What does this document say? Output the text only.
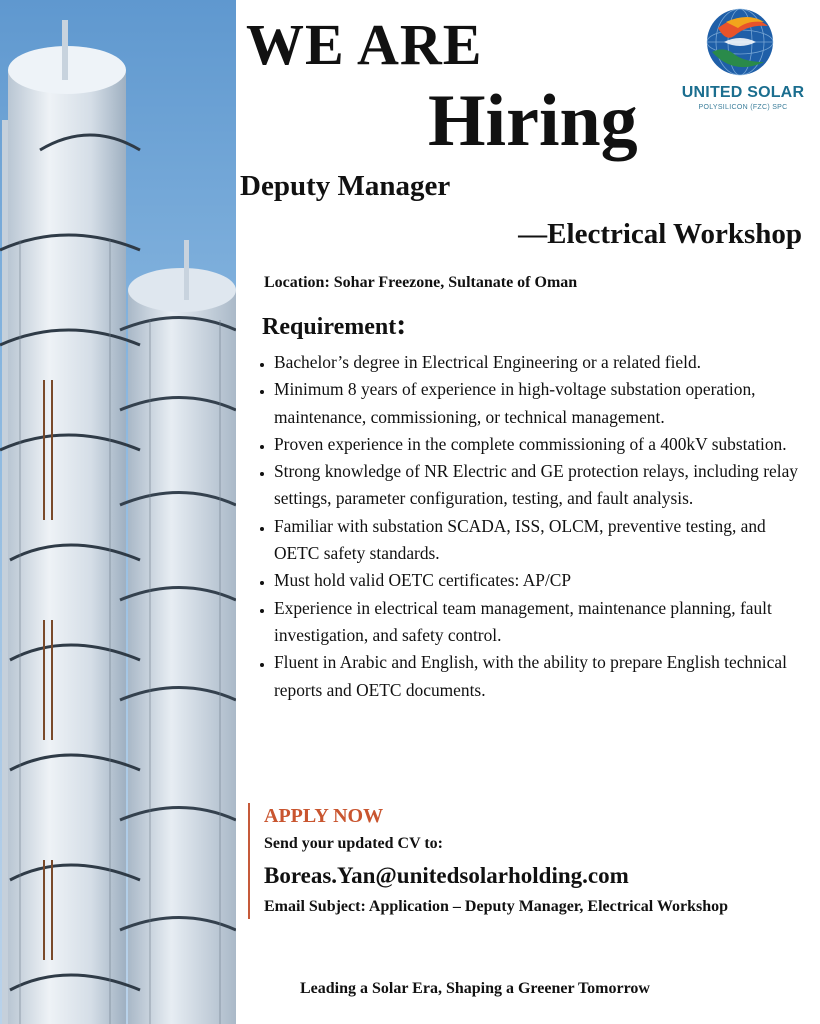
WE ARE
Hiring	UNITED SOLAR
POLYSILICON (FZC) SPC
Deputy Manager
—Electrical Workshop
Location: Sohar Freezone, Sultanate of Oman
Requirement:
• Bachelor’s degree in Electrical Engineering or a related field.
• Minimum 8 years of experience in high-voltage substation operation, maintenance, commissioning, or technical management.
• Proven experience in the complete commissioning of a 400kV substation.
• Strong knowledge of NR Electric and GE protection relays, including relay settings, parameter configuration, testing, and fault analysis.
• Familiar with substation SCADA, ISS, OLCM, preventive testing, and OETC safety standards.
• Must hold valid OETC certificates: AP/CP
• Experience in electrical team management, maintenance planning, fault investigation, and safety control.
• Fluent in Arabic and English, with the ability to prepare English technical reports and OETC documents.
APPLY NOW
Send your updated CV to:
Boreas.Yan@unitedsolarholding.com
Email Subject: Application – Deputy Manager, Electrical Workshop
Leading a Solar Era, Shaping a Greener Tomorrow
